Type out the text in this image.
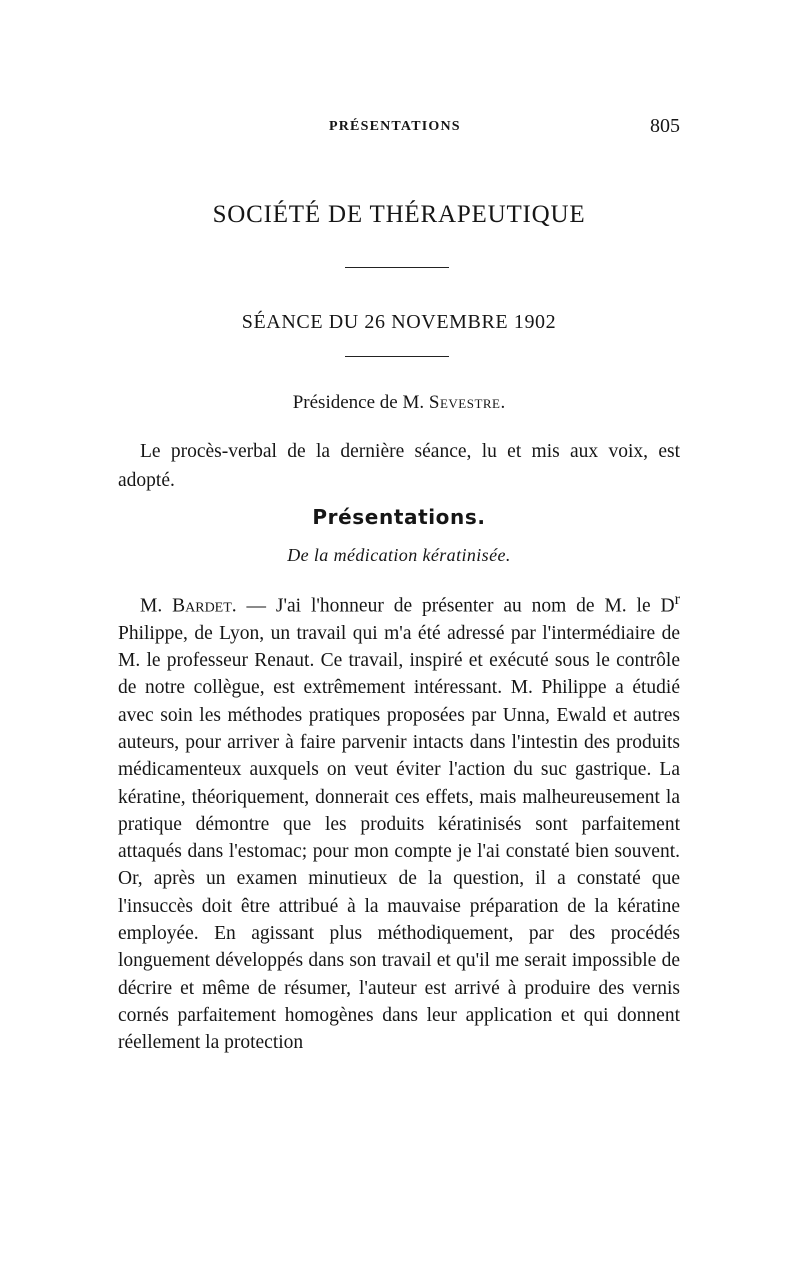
PRÉSENTATIONS	805
SOCIÉTÉ DE THÉRAPEUTIQUE
SÉANCE DU 26 NOVEMBRE 1902
Présidence de M. Sevestre.

Le procès-verbal de la dernière séance, lu et mis aux voix, est adopté.

Présentations.
De la médication kératinisée.

M. Bardet. — J'ai l'honneur de présenter au nom de M. le $D^r$ Philippe, de Lyon, un travail qui m'a été adressé par l'intermédiaire de M. le professeur Renaut. Ce travail, inspiré et exécuté sous le contrôle de notre collègue, est extrêmement intéressant. M. Philippe a étudié avec soin les méthodes pratiques proposées par Unna, Ewald et autres auteurs, pour arriver à faire parvenir intacts dans l'intestin des produits médicamenteux auxquels on veut éviter l'action du suc gastrique. La kératine, théoriquement, donnerait ces effets, mais malheureusement la pratique démontre que les produits kératinisés sont parfaitement attaqués dans l'estomac; pour mon compte je l'ai constaté bien souvent. Or, après un examen minutieux de la question, il a constaté que l'insuccès doit être attribué à la mauvaise préparation de la kératine employée. En agissant plus méthodiquement, par des procédés longuement développés dans son travail et qu'il me serait impossible de décrire et même de résumer, l'auteur est arrivé à produire des vernis cornés parfaitement homogènes dans leur application et qui donnent réellement la protection
